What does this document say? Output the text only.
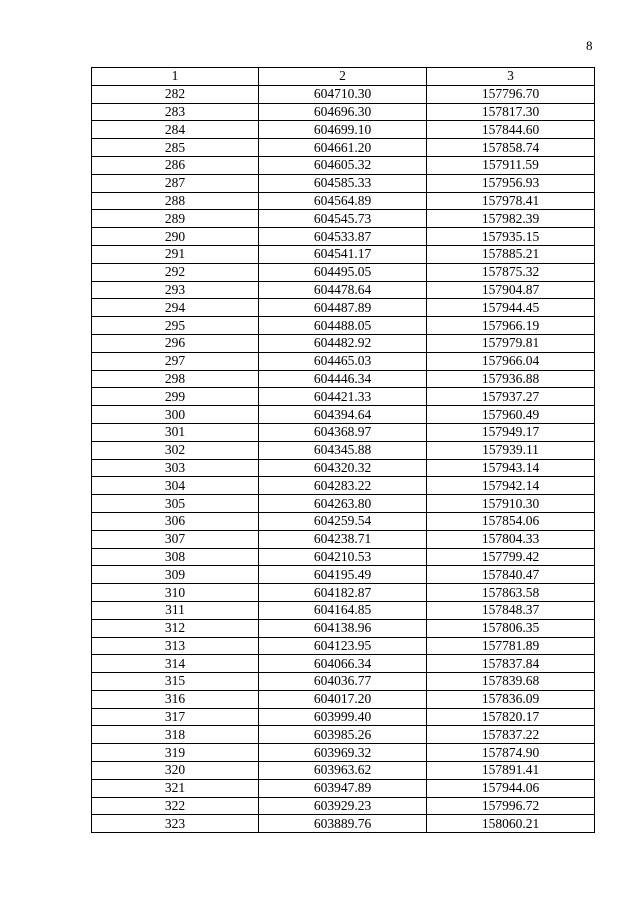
8
1	2	3
282	604710.30	157796.70
283	604696.30	157817.30
284	604699.10	157844.60
285	604661.20	157858.74
286	604605.32	157911.59
287	604585.33	157956.93
288	604564.89	157978.41
289	604545.73	157982.39
290	604533.87	157935.15
291	604541.17	157885.21
292	604495.05	157875.32
293	604478.64	157904.87
294	604487.89	157944.45
295	604488.05	157966.19
296	604482.92	157979.81
297	604465.03	157966.04
298	604446.34	157936.88
299	604421.33	157937.27
300	604394.64	157960.49
301	604368.97	157949.17
302	604345.88	157939.11
303	604320.32	157943.14
304	604283.22	157942.14
305	604263.80	157910.30
306	604259.54	157854.06
307	604238.71	157804.33
308	604210.53	157799.42
309	604195.49	157840.47
310	604182.87	157863.58
311	604164.85	157848.37
312	604138.96	157806.35
313	604123.95	157781.89
314	604066.34	157837.84
315	604036.77	157839.68
316	604017.20	157836.09
317	603999.40	157820.17
318	603985.26	157837.22
319	603969.32	157874.90
320	603963.62	157891.41
321	603947.89	157944.06
322	603929.23	157996.72
323	603889.76	158060.21
